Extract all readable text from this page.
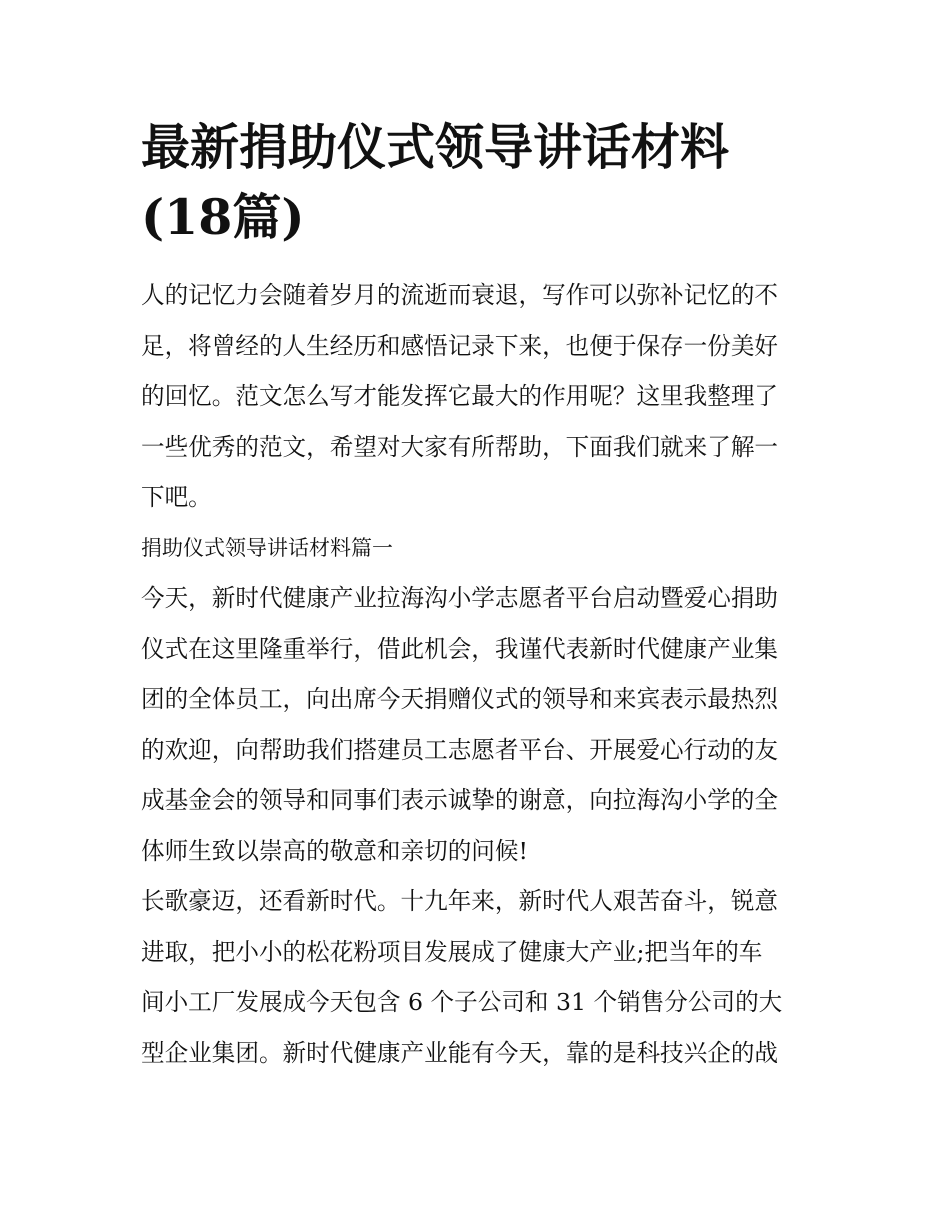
最新捐助仪式领导讲话材料(18篇)
人的记忆力会随着岁月的流逝而衰退，写作可以弥补记忆的不
足，将曾经的人生经历和感悟记录下来，也便于保存一份美好
的回忆。范文怎么写才能发挥它最大的作用呢？这里我整理了
一些优秀的范文，希望对大家有所帮助，下面我们就来了解一
下吧。
捐助仪式领导讲话材料篇一
今天，新时代健康产业拉海沟小学志愿者平台启动暨爱心捐助
仪式在这里隆重举行，借此机会，我谨代表新时代健康产业集
团的全体员工，向出席今天捐赠仪式的领导和来宾表示最热烈
的欢迎，向帮助我们搭建员工志愿者平台、开展爱心行动的友
成基金会的领导和同事们表示诚挚的谢意，向拉海沟小学的全
体师生致以崇高的敬意和亲切的问候!
长歌豪迈，还看新时代。十九年来，新时代人艰苦奋斗，锐意
进取，把小小的松花粉项目发展成了健康大产业;把当年的车
间小工厂发展成今天包含 6 个子公司和 31 个销售分公司的大
型企业集团。新时代健康产业能有今天，靠的是科技兴企的战
